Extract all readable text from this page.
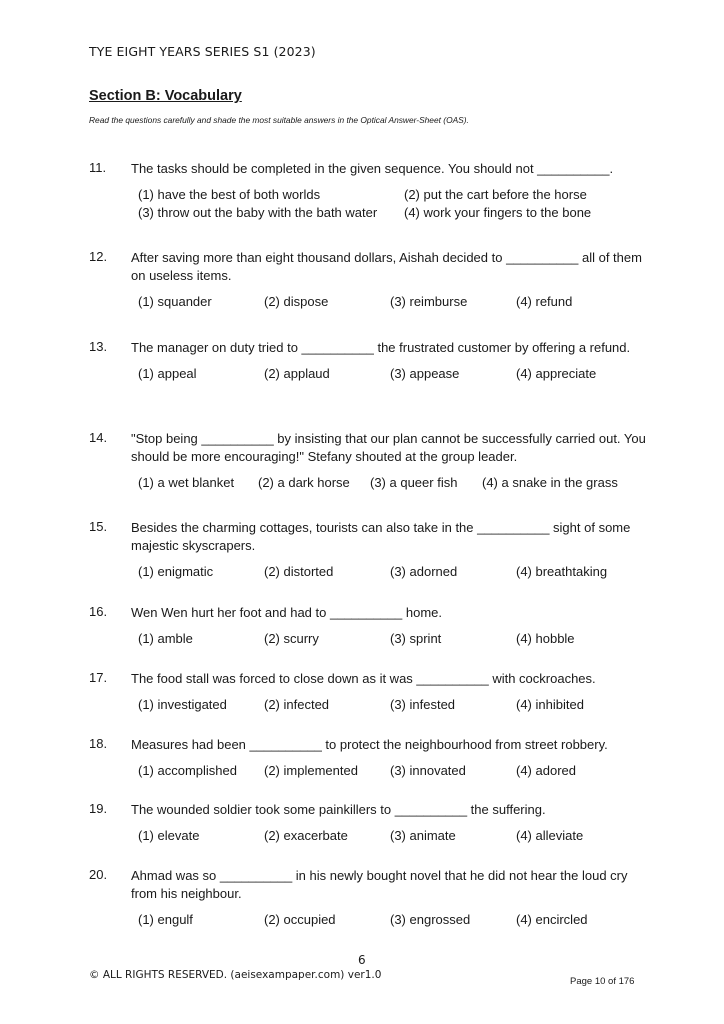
TYE EIGHT YEARS SERIES S1 (2023)
Section B: Vocabulary
Read the questions carefully and shade the most suitable answers in the Optical Answer-Sheet (OAS).
11. The tasks should be completed in the given sequence. You should not __________.
(1) have the best of both worlds	(2) put the cart before the horse
(3) throw out the baby with the bath water (4) work your fingers to the bone
12. After saving more than eight thousand dollars, Aishah decided to __________ all of them on useless items.
(1) squander	(2) dispose	(3) reimburse	(4) refund
13. The manager on duty tried to __________ the frustrated customer by offering a refund.
(1) appeal	(2) applaud	(3) appease	(4) appreciate
14. "Stop being __________ by insisting that our plan cannot be successfully carried out. You should be more encouraging!" Stefany shouted at the group leader.
(1) a wet blanket (2) a dark horse (3) a queer fish (4) a snake in the grass
15. Besides the charming cottages, tourists can also take in the __________ sight of some majestic skyscrapers.
(1) enigmatic	(2) distorted	(3) adorned	(4) breathtaking
16. Wen Wen hurt her foot and had to __________ home.
(1) amble	(2) scurry	(3) sprint	(4) hobble
17. The food stall was forced to close down as it was __________ with cockroaches.
(1) investigated	(2) infected	(3) infested	(4) inhibited
18. Measures had been __________ to protect the neighbourhood from street robbery.
(1) accomplished (2) implemented (3) innovated	(4) adored
19. The wounded soldier took some painkillers to __________ the suffering.
(1) elevate	(2) exacerbate	(3) animate	(4) alleviate
20. Ahmad was so __________ in his newly bought novel that he did not hear the loud cry from his neighbour.
(1) engulf	(2) occupied	(3) engrossed	(4) encircled
6
© ALL RIGHTS RESERVED. (aeisexampaper.com) ver1.0
Page 10 of 176
